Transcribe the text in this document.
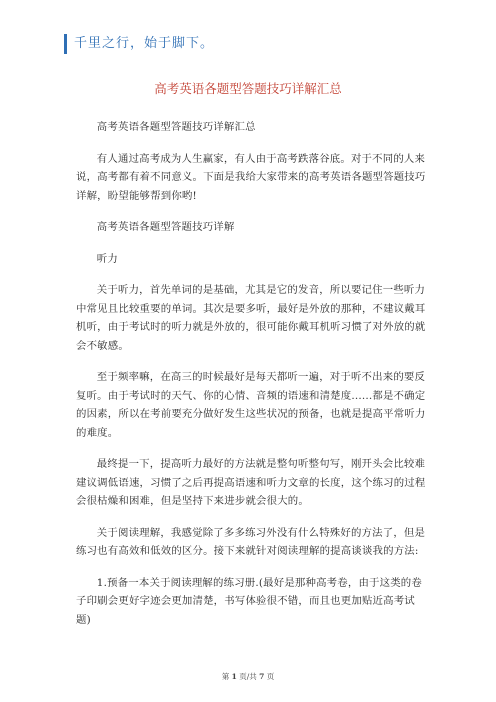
千里之行，始于脚下。
高考英语各题型答题技巧详解汇总

高考英语各题型答题技巧详解汇总

有人通过高考成为人生赢家，有人由于高考跌落谷底。对于不同的人来说，高考都有着不同意义。下面是我给大家带来的高考英语各题型答题技巧详解，盼望能够帮到你哟!

高考英语各题型答题技巧详解

听力

关于听力，首先单词的是基础，尤其是它的发音，所以要记住一些听力中常见且比较重要的单词。其次是要多听，最好是外放的那种，不建议戴耳机听，由于考试时的听力就是外放的，很可能你戴耳机听习惯了对外放的就会不敏感。

至于频率嘛，在高三的时候最好是每天都听一遍，对于听不出来的要反复听。由于考试时的天气、你的心情、音频的语速和清楚度......都是不确定的因素，所以在考前要充分做好发生这些状况的预备，也就是提高平常听力的难度。

最终提一下，提高听力最好的方法就是整句听整句写，刚开头会比较难建议调低语速，习惯了之后再提高语速和听力文章的长度，这个练习的过程会很枯燥和困难，但是坚持下来进步就会很大的。

关于阅读理解，我感觉除了多多练习外没有什么特殊好的方法了，但是练习也有高效和低效的区分。接下来就针对阅读理解的提高谈谈我的方法:

1.预备一本关于阅读理解的练习册.(最好是那种高考卷，由于这类的卷子印刷会更好字迹会更加清楚，书写体验很不错，而且也更加贴近高考试题)

第 1 页/共 7 页
